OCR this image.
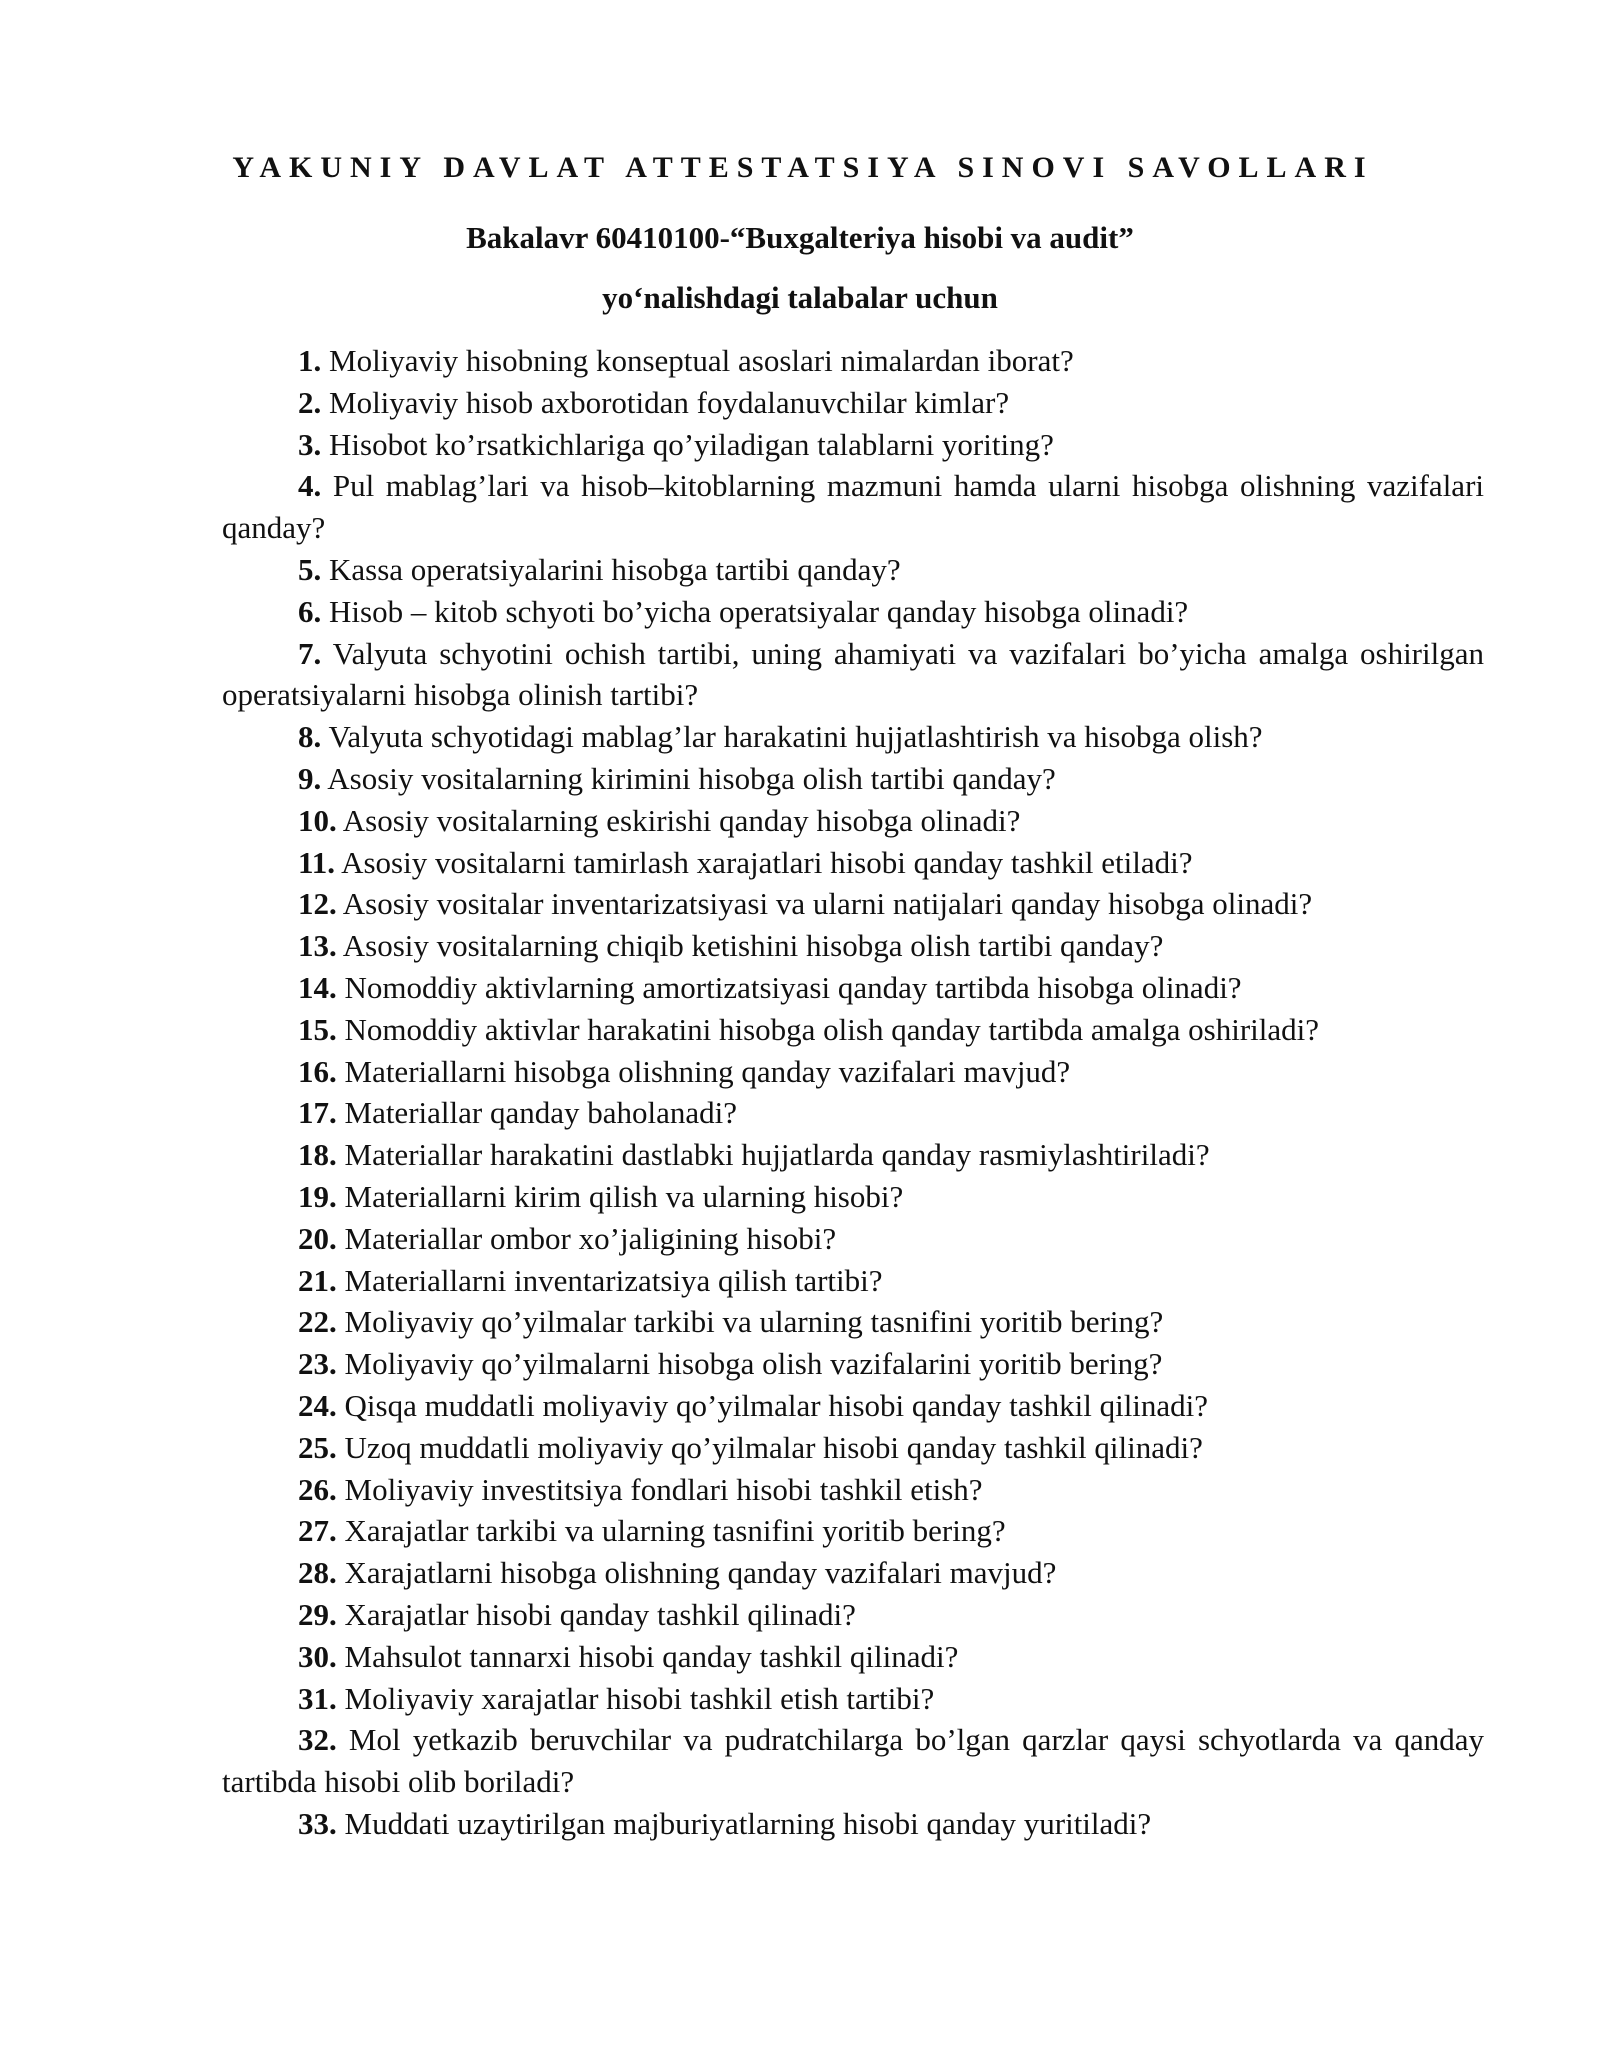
YAKUNIY DAVLAT ATTESTATSIYA SINOVI SAVOLLARI
Bakalavr 60410100-“Buxgalteriya hisobi va audit”
yo‘nalishdagi talabalar uchun
1. Moliyaviy hisobning konseptual asoslari nimalardan iborat?
2. Moliyaviy hisob axborotidan foydalanuvchilar kimlar?
3. Hisobot ko’rsatkichlariga qo’yiladigan talablarni yoriting?
4. Pul mablag’lari va hisob–kitoblarning mazmuni hamda ularni hisobga olishning vazifalari qanday?
5. Kassa operatsiyalarini hisobga tartibi qanday?
6. Hisob – kitob schyoti bo’yicha operatsiyalar qanday hisobga olinadi?
7. Valyuta schyotini ochish tartibi, uning ahamiyati va vazifalari bo’yicha amalga oshirilgan operatsiyalarni hisobga olinish tartibi?
8. Valyuta schyotidagi mablag’lar harakatini hujjatlashtirish va hisobga olish?
9. Asosiy vositalarning kirimini hisobga olish tartibi qanday?
10. Asosiy vositalarning eskirishi qanday hisobga olinadi?
11. Asosiy vositalarni tamirlash xarajatlari hisobi qanday tashkil etiladi?
12. Asosiy vositalar inventarizatsiyasi va ularni natijalari qanday hisobga olinadi?
13. Asosiy vositalarning chiqib ketishini hisobga olish tartibi qanday?
14. Nomoddiy aktivlarning amortizatsiyasi qanday tartibda hisobga olinadi?
15. Nomoddiy aktivlar harakatini hisobga olish qanday tartibda amalga oshiriladi?
16. Materiallarni hisobga olishning qanday vazifalari mavjud?
17. Materiallar qanday baholanadi?
18. Materiallar harakatini dastlabki hujjatlarda qanday rasmiylashtiriladi?
19. Materiallarni kirim qilish va ularning hisobi?
20. Materiallar ombor xo’jaligining hisobi?
21. Materiallarni inventarizatsiya qilish tartibi?
22. Moliyaviy qo’yilmalar tarkibi va ularning tasnifini yoritib bering?
23. Moliyaviy qo’yilmalarni hisobga olish vazifalarini yoritib bering?
24. Qisqa muddatli moliyaviy qo’yilmalar hisobi qanday tashkil qilinadi?
25. Uzoq muddatli moliyaviy qo’yilmalar hisobi qanday tashkil qilinadi?
26. Moliyaviy investitsiya fondlari hisobi tashkil etish?
27. Xarajatlar tarkibi va ularning tasnifini yoritib bering?
28. Xarajatlarni hisobga olishning qanday vazifalari mavjud?
29. Xarajatlar hisobi qanday tashkil qilinadi?
30. Mahsulot tannarxi hisobi qanday tashkil qilinadi?
31. Moliyaviy xarajatlar hisobi tashkil etish tartibi?
32. Mol yetkazib beruvchilar va pudratchilarga bo’lgan qarzlar qaysi schyotlarda va qanday tartibda hisobi olib boriladi?
33. Muddati uzaytirilgan majburiyatlarning hisobi qanday yuritiladi?
